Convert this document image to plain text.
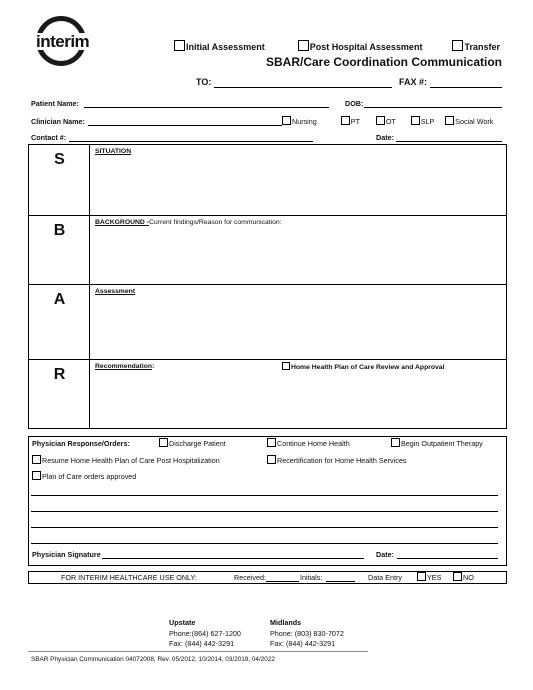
interim	Initial Assessment	Post Hospital Assessment	Transfer
SBAR/Care Coordination Communication
TO:	FAX #:
Patient Name:	DOB:
Clinician Name:	Nursing	PT	OT	SLP	Social Work
Contact #:	Date:
S	SITUATION
B	BACKGROUND -Current findings/Reason for communication:
A	Assessment
R	Recommendation:	Home Health Plan of Care Review and Approval
Physician Response/Orders:	Discharge Patient	Continue Home Health	Begin Outpatient Therapy
Resume Home Health Plan of Care Post Hospitalization	Recertification for Home Health Services
Plan of Care orders approved
Physician Signature	Date:
FOR INTERIM HEALTHCARE USE ONLY:	Received:	Initials:	Data Entry	YES	NO
Upstate
Phone:(864) 627-1200
Fax: (844) 442-3291
Midlands
Phone: (803) 830-7072
Fax: (844) 442-3291
SBAR Physician Communication 04072008, Rev. 05/2012, 10/2014, 03/2019, 04/2022
